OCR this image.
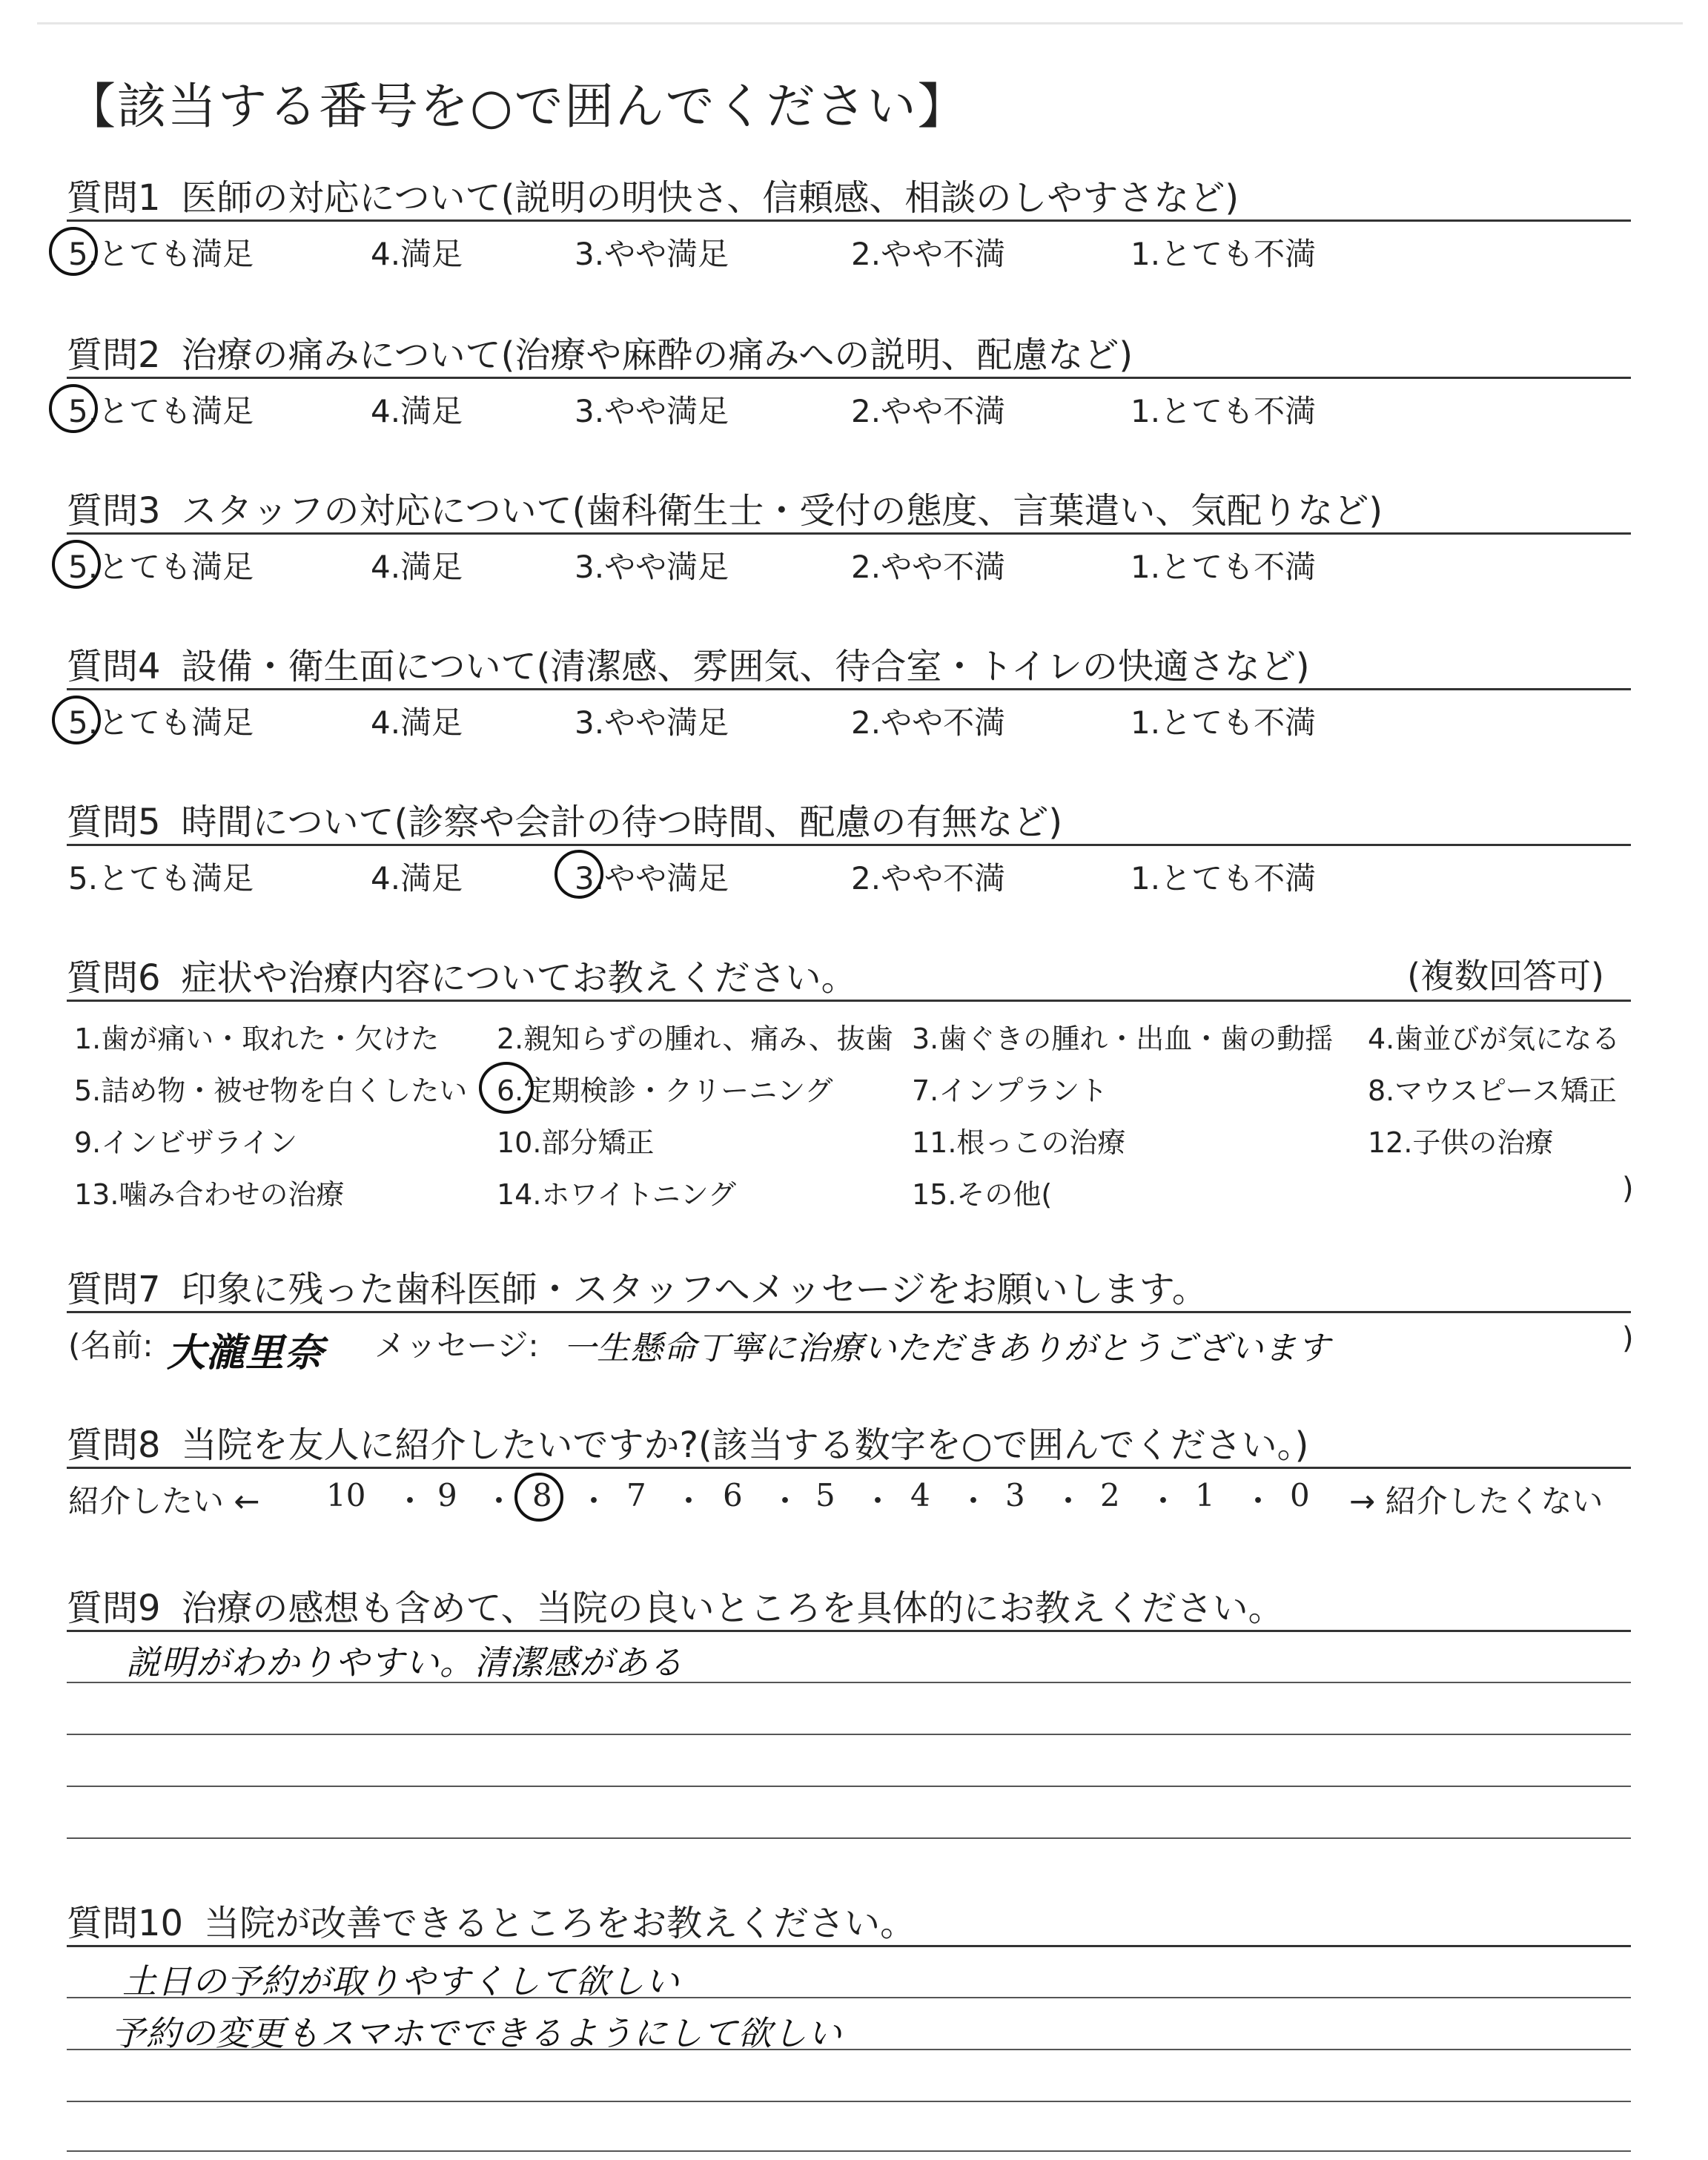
【該当する番号を○で囲んでください】
質問1 医師の対応について(説明の明快さ、信頼感、相談のしやすさなど)
5.とても満足	4.満足	3.やや満足	2.やや不満	1.とても不満
質問2 治療の痛みについて(治療や麻酔の痛みへの説明、配慮など)
5.とても満足	4.満足	3.やや満足	2.やや不満	1.とても不満
質問3 スタッフの対応について(歯科衛生士・受付の態度、言葉遣い、気配りなど)
5.とても満足	4.満足	3.やや満足	2.やや不満	1.とても不満
質問4 設備・衛生面について(清潔感、雰囲気、待合室・トイレの快適さなど)
5.とても満足	4.満足	3.やや満足	2.やや不満	1.とても不満
質問5 時間について(診察や会計の待つ時間、配慮の有無など)
5.とても満足	4.満足	3.やや満足	2.やや不満	1.とても不満
質問6 症状や治療内容についてお教えください。	(複数回答可)
1.歯が痛い・取れた・欠けた 2.親知らずの腫れ、痛み、抜歯 3.歯ぐきの腫れ・出血・歯の動揺 4.歯並びが気になる
5.詰め物・被せ物を白くしたい 6.定期検診・クリーニング	7.インプラント	8.マウスピース矯正
9.インビザライン	10.部分矯正	11.根っこの治療	12.子供の治療
13.噛み合わせの治療	14.ホワイトニング	15.その他(	)
質問7 印象に残った歯科医師・スタッフへメッセージをお願いします。
(名前: 大瀧里奈 メッセージ: 一生懸命丁寧に治療いただきありがとうございます	)
質問8 当院を友人に紹介したいですか?(該当する数字を○で囲んでください。)
紹介したい ←	→ 紹介したくない
10 ・ 9 ・ 8 ・ 7 ・ 6 ・ 5 ・ 4 ・ 3 ・ 2 ・ 1 ・ 0
質問9 治療の感想も含めて、当院の良いところを具体的にお教えください。
説明がわかりやすい。清潔感がある
質問10 当院が改善できるところをお教えください。
土日の予約が取りやすくして欲しい
予約の変更もスマホでできるようにして欲しい
